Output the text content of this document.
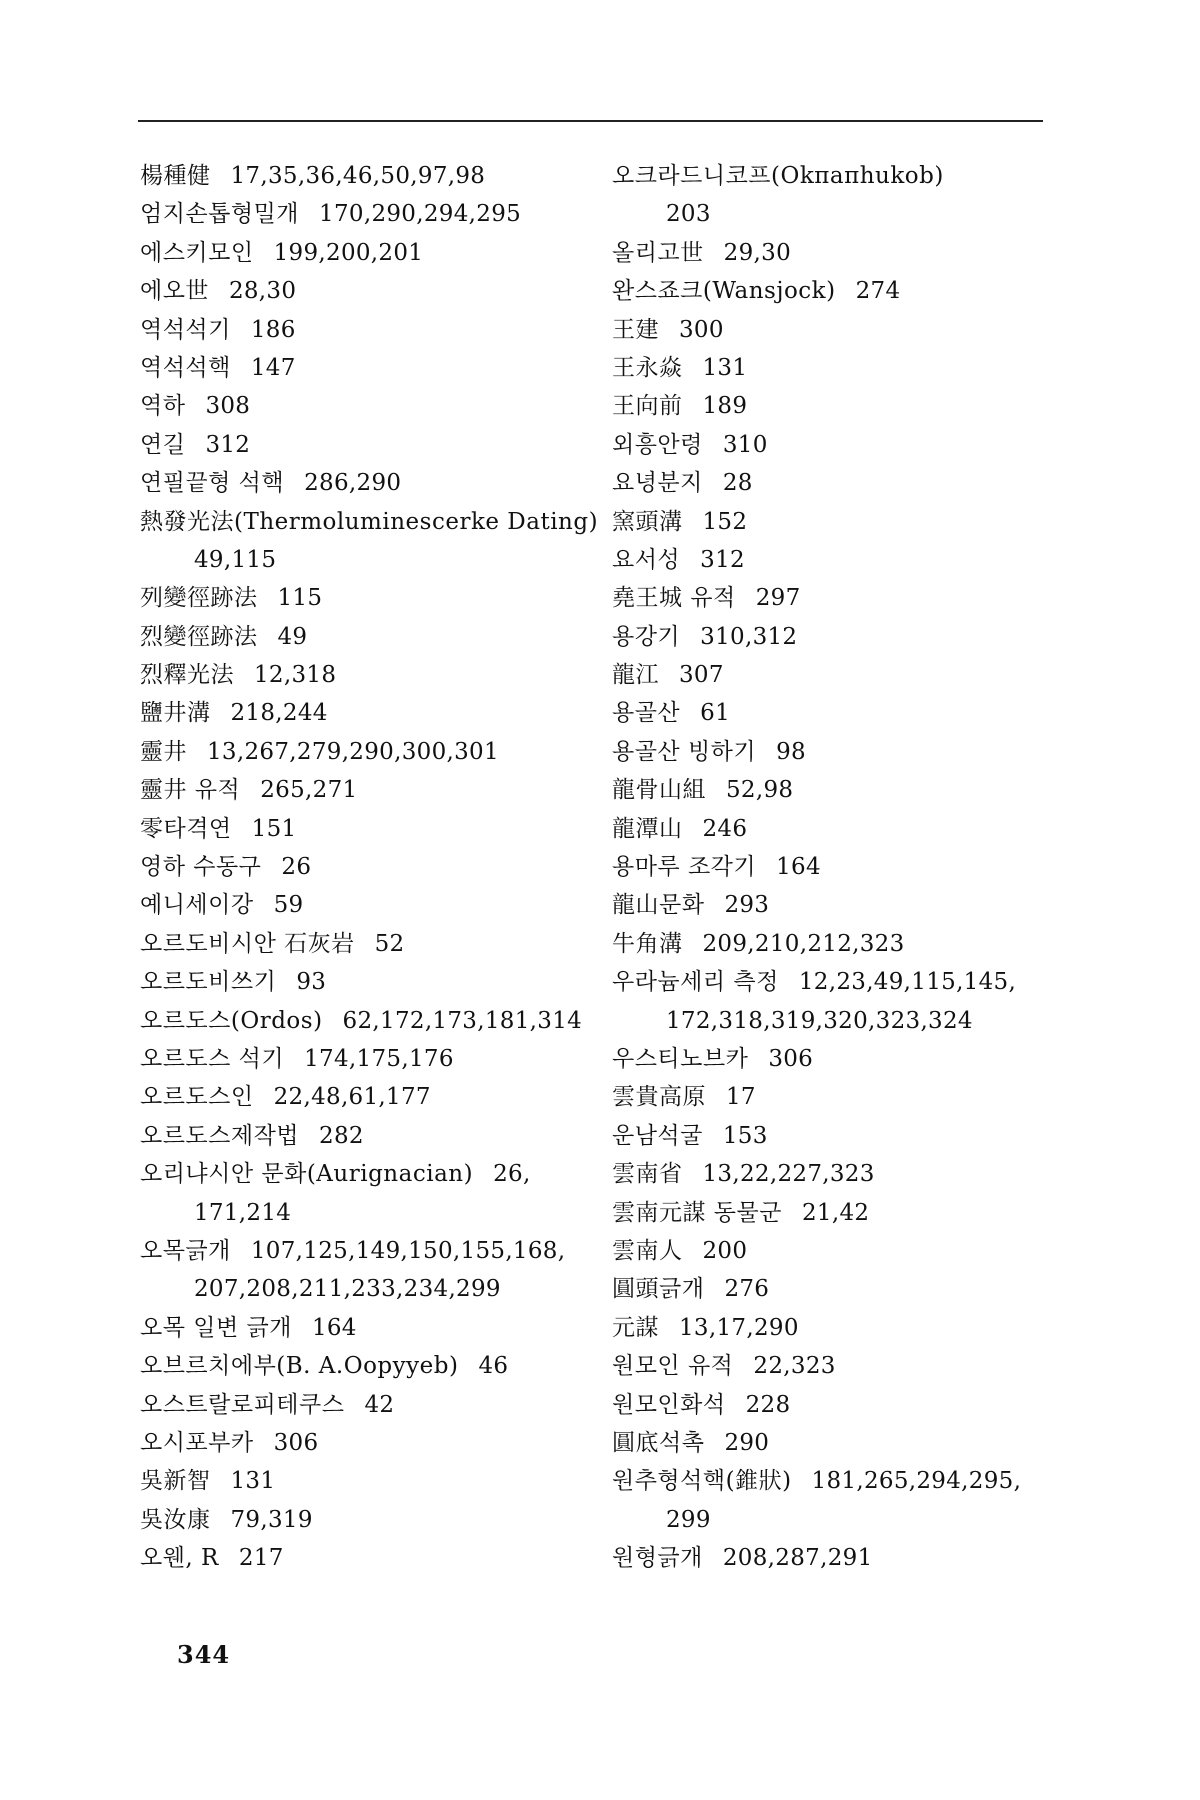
楊種健 17,35,36,46,50,97,98
엄지손톱형밀개 170,290,294,295
에스키모인 199,200,201
에오世 28,30
역석석기 186
역석석핵 147
역하 308
연길 312
연필끝형 석핵 286,290
熱發光法(Thermoluminescerke Dating)
49,115
列變徑跡法 115
烈變徑跡法 49
烈釋光法 12,318
鹽井溝 218,244
靈井 13,267,279,290,300,301
靈井 유적 265,271
零타격연 151
영하 수동구 26
예니세이강 59
오르도비시안 石灰岩 52
오르도비쓰기 93
오르도스(Ordos) 62,172,173,181,314
오르도스 석기 174,175,176
오르도스인 22,48,61,177
오르도스제작법 282
오리냐시안 문화(Aurignacian) 26,
171,214
오목긁개 107,125,149,150,155,168,
207,208,211,233,234,299
오목 일변 긁개 164
오브르치에부(B. A.Oopyyeb) 46
오스트랄로피테쿠스 42
오시포부카 306
吳新智 131
吳汝康 79,319
오웬, R 217
오크라드니코프(Okπaπhukob)
203
올리고世 29,30
완스죠크(Wansjock) 274
王建 300
王永焱 131
王向前 189
외흥안령 310
요녕분지 28
窯頭溝 152
요서성 312
堯王城 유적 297
용강기 310,312
龍江 307
용골산 61
용골산 빙하기 98
龍骨山組 52,98
龍潭山 246
용마루 조각기 164
龍山문화 293
牛角溝 209,210,212,323
우라늄세리 측정 12,23,49,115,145,
172,318,319,320,323,324
우스티노브카 306
雲貴高原 17
운남석굴 153
雲南省 13,22,227,323
雲南元謀 동물군 21,42
雲南人 200
圓頭긁개 276
元謀 13,17,290
원모인 유적 22,323
원모인화석 228
圓底석촉 290
원추형석핵(錐狀) 181,265,294,295,
299
원형긁개 208,287,291
344
